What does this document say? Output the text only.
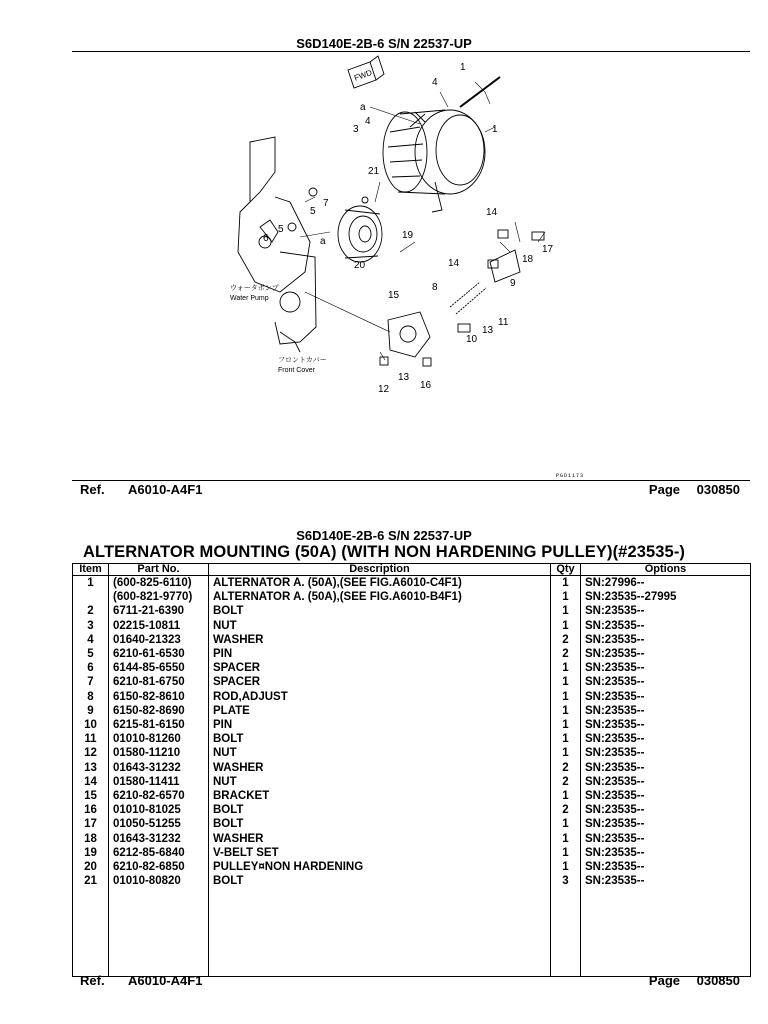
S6D140E-2B-6 S/N 22537-UP
FWD
1
4
a
4
3	1
21
7
5
5
6	a
19
14
17
18
20	14
9
8
15
11
13
10
13
12	16
ウォータポンプ
Water Pump
フロントカバー
Front Cover
PGD1173
Ref. A6010-A4F1	Page 030850
S6D140E-2B-6 S/N 22537-UP
ALTERNATOR MOUNTING (50A) (WITH NON HARDENING PULLEY)(#23535-)
Item	Part No.	Description	Qty	Options
1	(600-825-6110)	ALTERNATOR A. (50A),(SEE FIG.A6010-C4F1)	1	SN:27996--
	(600-821-9770)	ALTERNATOR A. (50A),(SEE FIG.A6010-B4F1)	1	SN:23535--27995
2	6711-21-6390	BOLT	1	SN:23535--
3	02215-10811	NUT	1	SN:23535--
4	01640-21323	WASHER	2	SN:23535--
5	6210-61-6530	PIN	2	SN:23535--
6	6144-85-6550	SPACER	1	SN:23535--
7	6210-81-6750	SPACER	1	SN:23535--
8	6150-82-8610	ROD,ADJUST	1	SN:23535--
9	6150-82-8690	PLATE	1	SN:23535--
10	6215-81-6150	PIN	1	SN:23535--
11	01010-81260	BOLT	1	SN:23535--
12	01580-11210	NUT	1	SN:23535--
13	01643-31232	WASHER	2	SN:23535--
14	01580-11411	NUT	2	SN:23535--
15	6210-82-6570	BRACKET	1	SN:23535--
16	01010-81025	BOLT	2	SN:23535--
17	01050-51255	BOLT	1	SN:23535--
18	01643-31232	WASHER	1	SN:23535--
19	6212-85-6840	V-BELT SET	1	SN:23535--
20	6210-82-6850	PULLEY¤NON HARDENING	1	SN:23535--
21	01010-80820	BOLT	3	SN:23535--

Ref. A6010-A4F1	Page 030850
